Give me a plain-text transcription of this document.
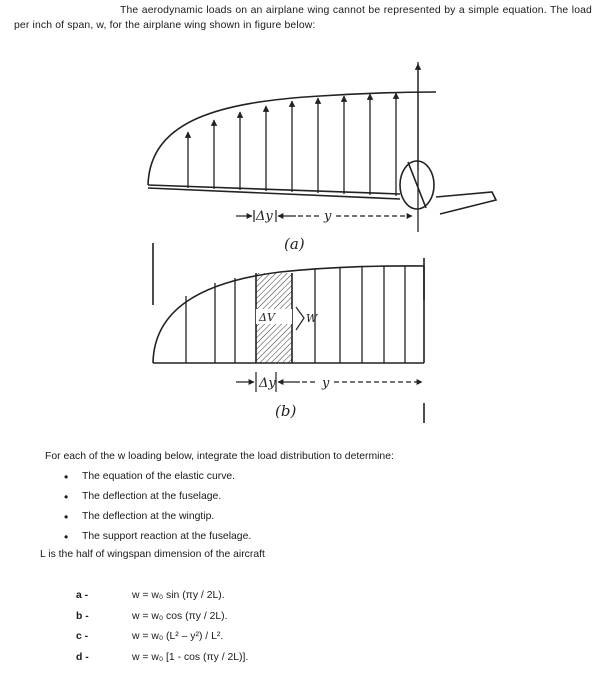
The aerodynamic loads on an airplane wing cannot be represented by a simple equation. The load per inch of span, w, for the airplane wing shown in figure below:
Δy	y
(a)
ΔV	W
Δy	y
(b)
For each of the w loading below, integrate the load distribution to determine:
• The equation of the elastic curve.
• The deflection at the fuselage.
• The deflection at the wingtip.
• The support reaction at the fuselage.
L is the half of wingspan dimension of the aircraft
a -	w = w₀ sin (πy / 2L).
b -	w = w₀ cos (πy / 2L).
c -	w = w₀ (L² – y²) / L².
d -	w = w₀ [1 - cos (πy / 2L)].
